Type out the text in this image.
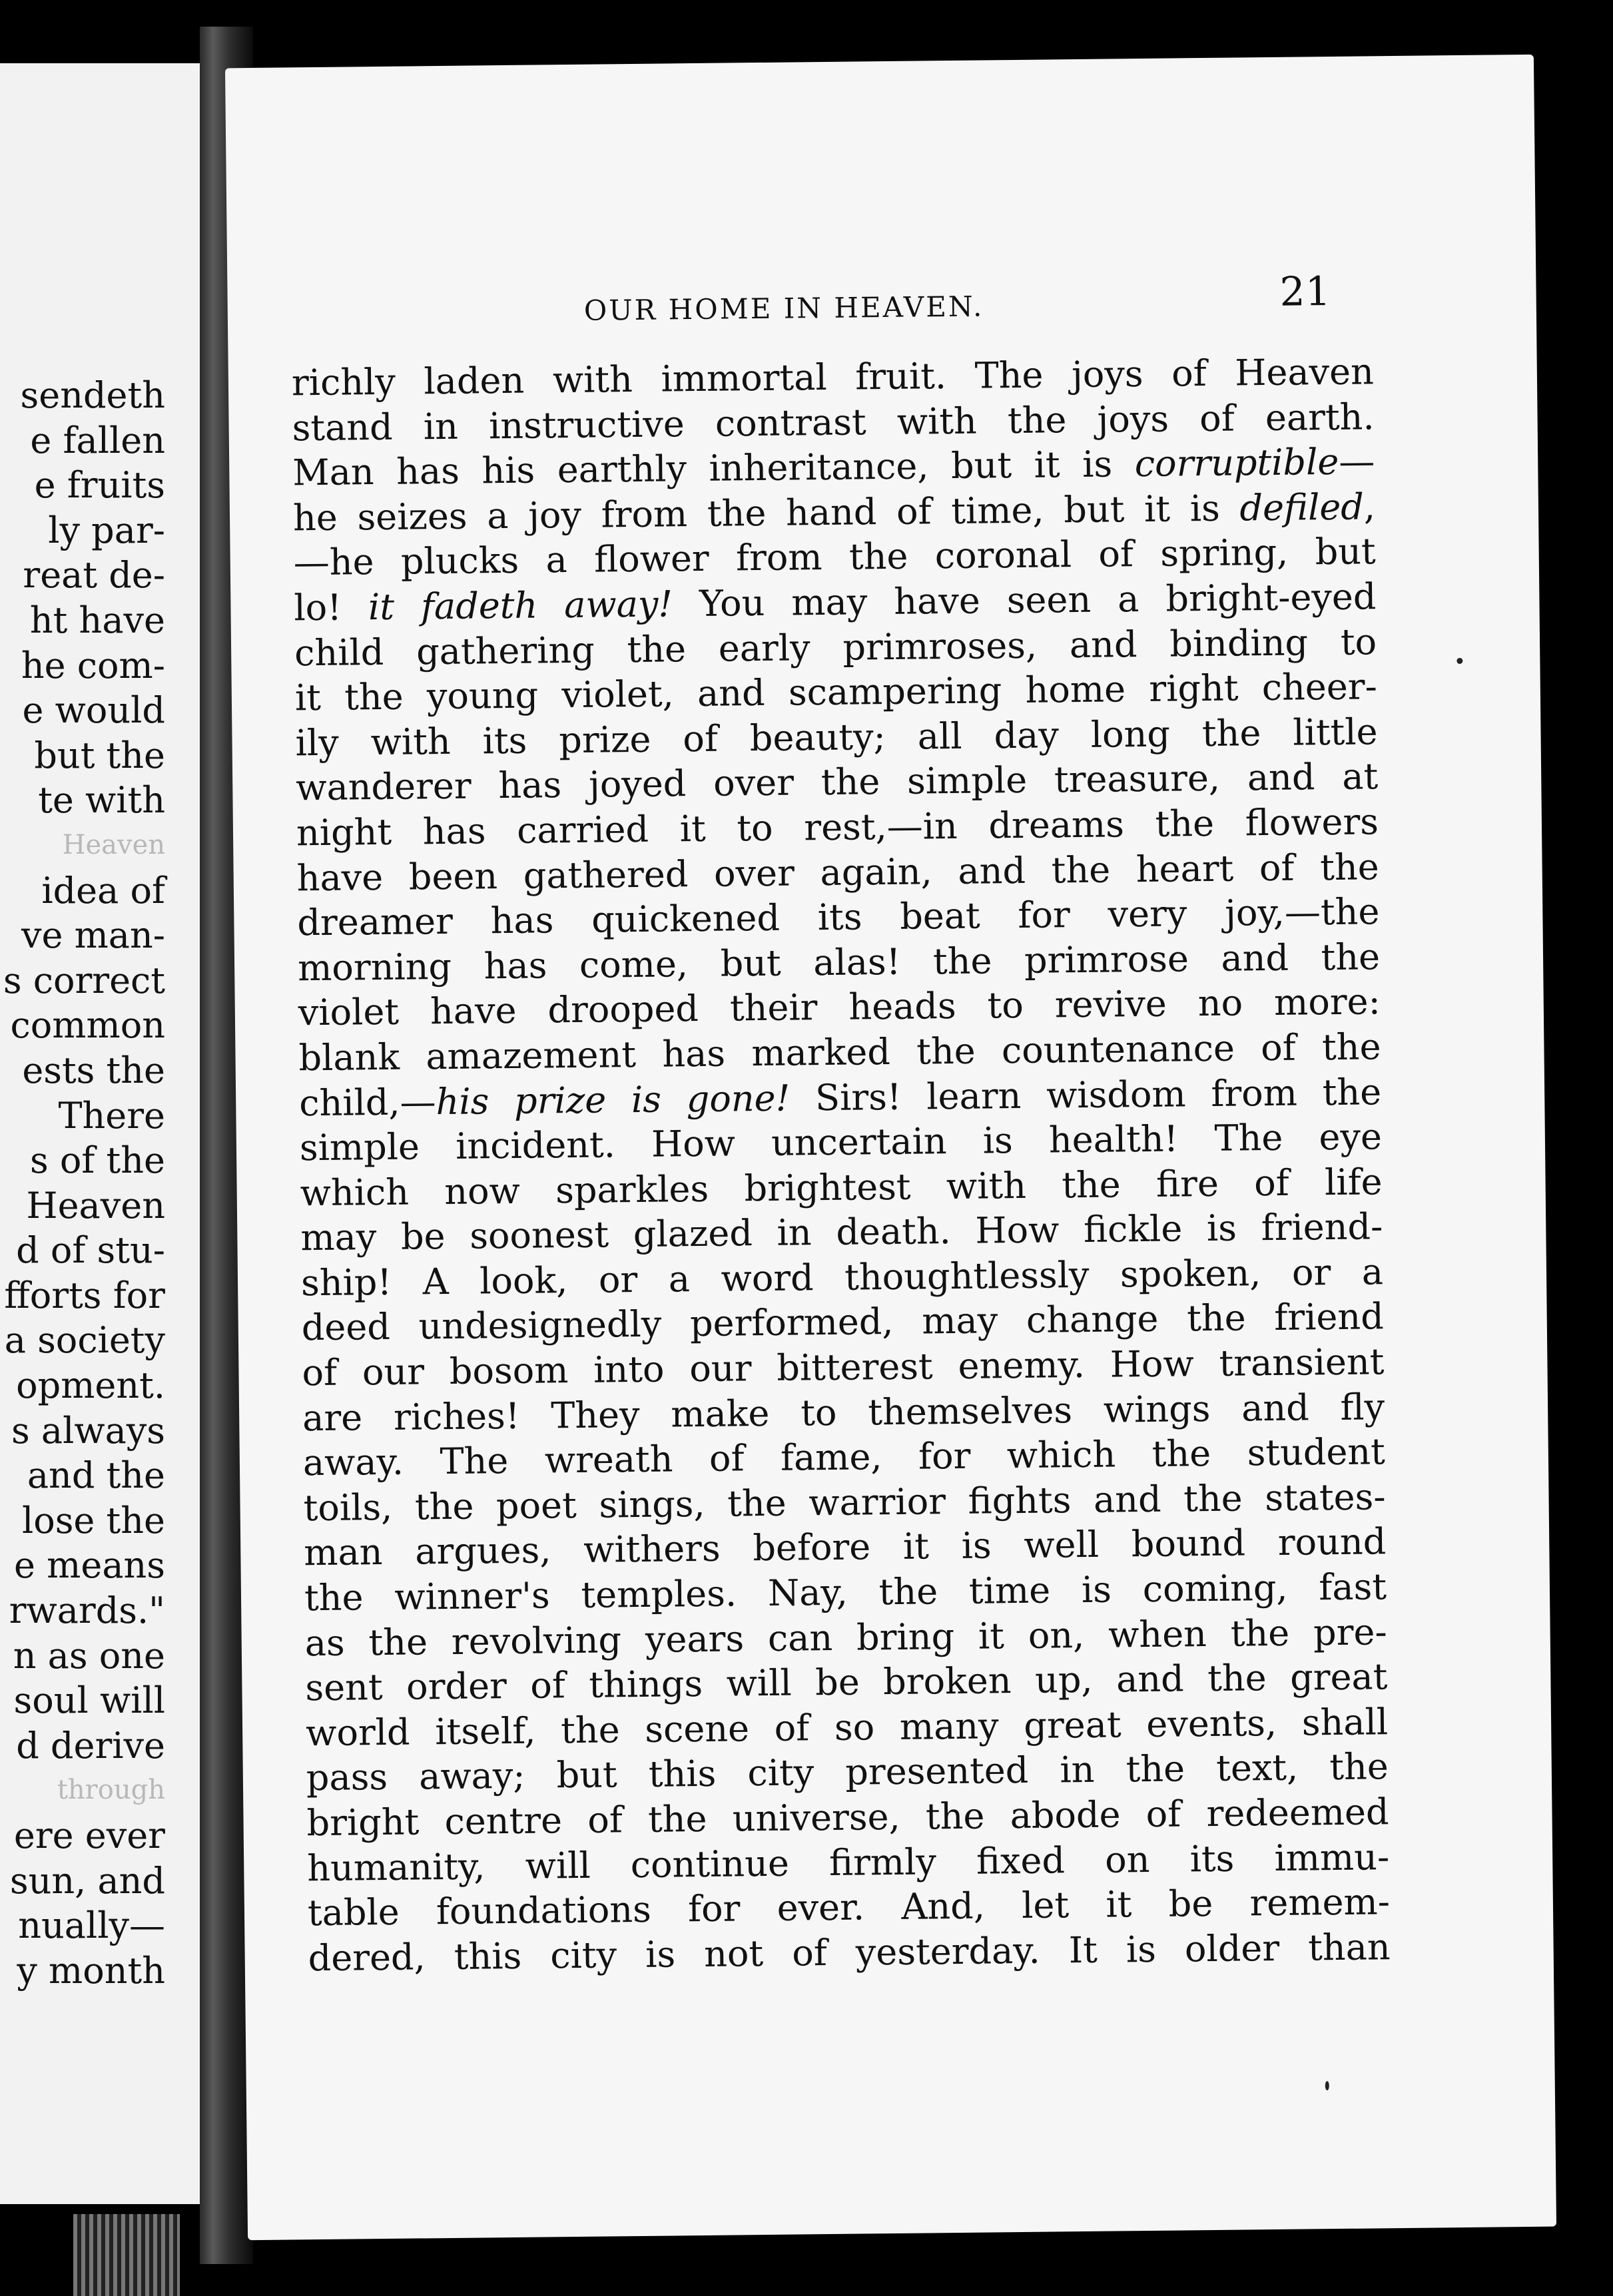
sendeth
e fallen
e fruits
ly par-
reat de-
ht have
he com-
e would
but the
te with
Heaven
idea of
ve man-
s correct
common
ests the
There
s of the
Heaven
d of stu-
fforts for
a society
opment.
s always
and the
lose the
e means
rwards."
n as one
soul will
d derive
through
ere ever
sun, and
nually—
y month
OUR HOME IN HEAVEN.	21
richly laden with immortal fruit. The joys of Heaven
stand in instructive contrast with the joys of earth.
Man has his earthly inheritance, but it is corruptible—
he seizes a joy from the hand of time, but it is defiled,
—he plucks a flower from the coronal of spring, but
lo! it fadeth away! You may have seen a bright-eyed
child gathering the early primroses, and binding to
it the young violet, and scampering home right cheer-
ily with its prize of beauty; all day long the little
wanderer has joyed over the simple treasure, and at
night has carried it to rest,—in dreams the flowers
have been gathered over again, and the heart of the
dreamer has quickened its beat for very joy,—the
morning has come, but alas! the primrose and the
violet have drooped their heads to revive no more:
blank amazement has marked the countenance of the
child,—his prize is gone! Sirs! learn wisdom from the
simple incident. How uncertain is health! The eye
which now sparkles brightest with the fire of life
may be soonest glazed in death. How fickle is friend-
ship! A look, or a word thoughtlessly spoken, or a
deed undesignedly performed, may change the friend
of our bosom into our bitterest enemy. How transient
are riches! They make to themselves wings and fly
away. The wreath of fame, for which the student
toils, the poet sings, the warrior fights and the states-
man argues, withers before it is well bound round
the winner's temples. Nay, the time is coming, fast
as the revolving years can bring it on, when the pre-
sent order of things will be broken up, and the great
world itself, the scene of so many great events, shall
pass away; but this city presented in the text, the
bright centre of the universe, the abode of redeemed
humanity, will continue firmly fixed on its immu-
table foundations for ever. And, let it be remem-
dered, this city is not of yesterday. It is older than
